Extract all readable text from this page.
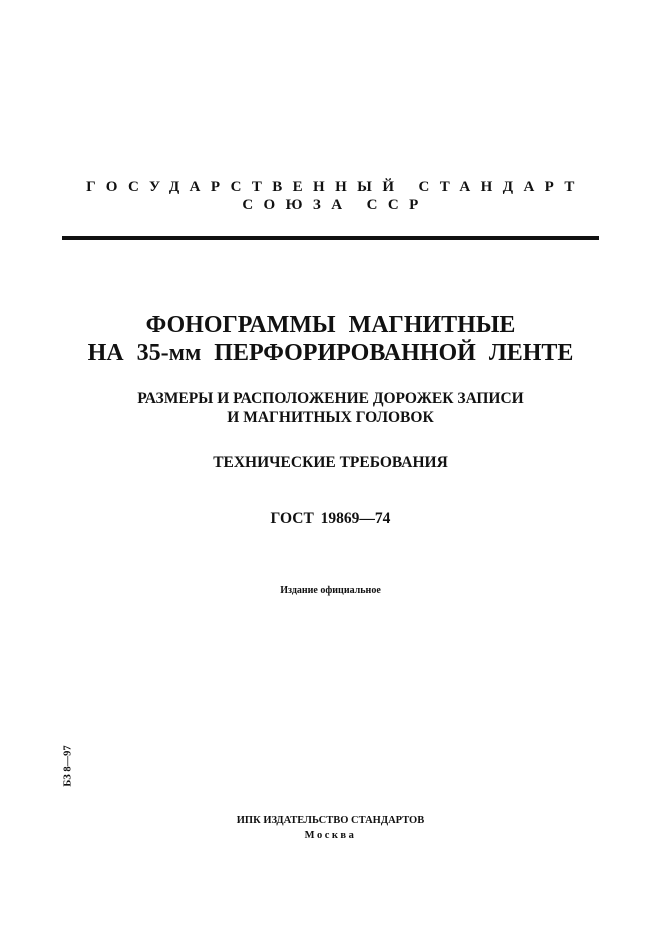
ГОСУДАРСТВЕННЫЙ СТАНДАРТ
СОЮЗА ССР
ФОНОГРАММЫ МАГНИТНЫЕ
НА 35-мм ПЕРФОРИРОВАННОЙ ЛЕНТЕ
РАЗМЕРЫ И РАСПОЛОЖЕНИЕ ДОРОЖЕК ЗАПИСИ
И МАГНИТНЫХ ГОЛОВОК
ТЕХНИЧЕСКИЕ ТРЕБОВАНИЯ
ГОСТ 19869—74
Издание официальное
БЗ 8—97
ИПК ИЗДАТЕЛЬСТВО СТАНДАРТОВ
Москва
